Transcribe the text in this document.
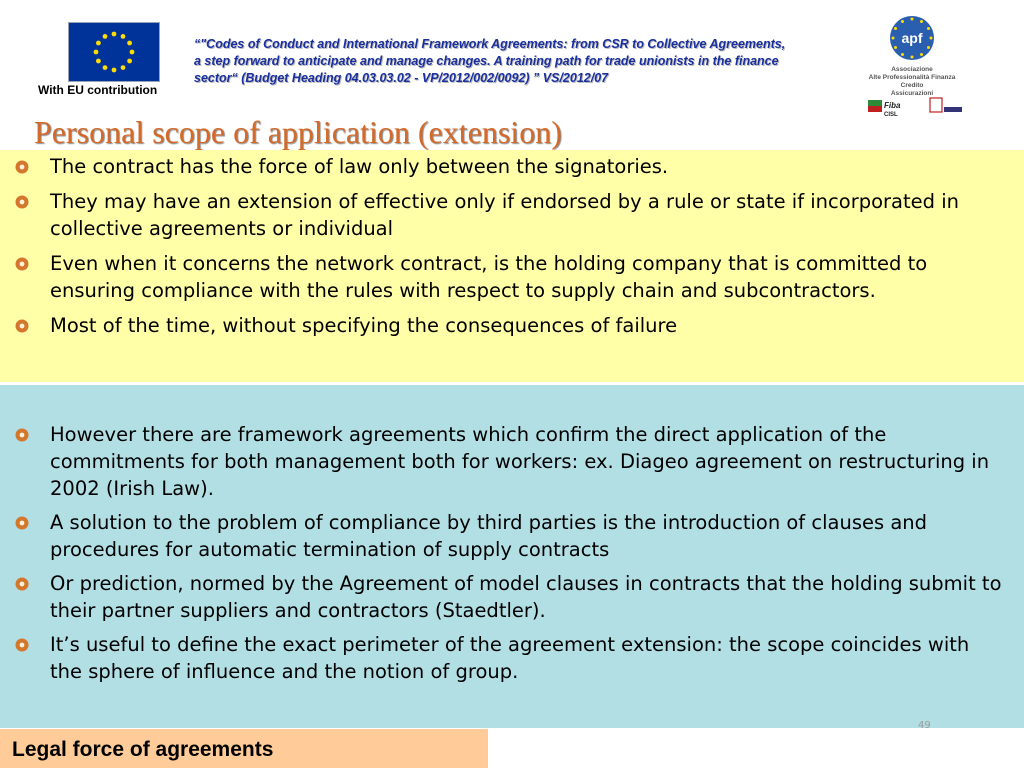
With EU contribution
“"Codes of Conduct and International Framework Agreements: from CSR to Collective Agreements, a step forward to anticipate and manage changes. A training path for trade unionists in the finance sector“ (Budget Heading 04.03.03.02 - VP/2012/002/0092) ” VS/2012/07
apf
Associazione
Alte Professionalità Finanza
Credito
Assicurazioni
Fiba
CISL
Personal scope of application (extension)
The contract has the force of law only between the signatories.
They may have an extension of effective only if endorsed by a rule or state if incorporated in collective agreements or individual
Even when it concerns the network contract, is the holding company that is committed to ensuring compliance with the rules with respect to supply chain and subcontractors.
Most of the time, without specifying the consequences of failure
However there are framework agreements which confirm the direct application of the commitments for both management both for workers: ex. Diageo agreement on restructuring in 2002 (Irish Law).
A solution to the problem of compliance by third parties is the introduction of clauses and procedures for automatic termination of supply contracts
Or prediction, normed by the Agreement of model clauses in contracts that the holding submit to their partner suppliers and contractors (Staedtler).
It’s useful to define the exact perimeter of the agreement extension: the scope coincides with the sphere of influence and the notion of group.
49
Legal force of agreements
